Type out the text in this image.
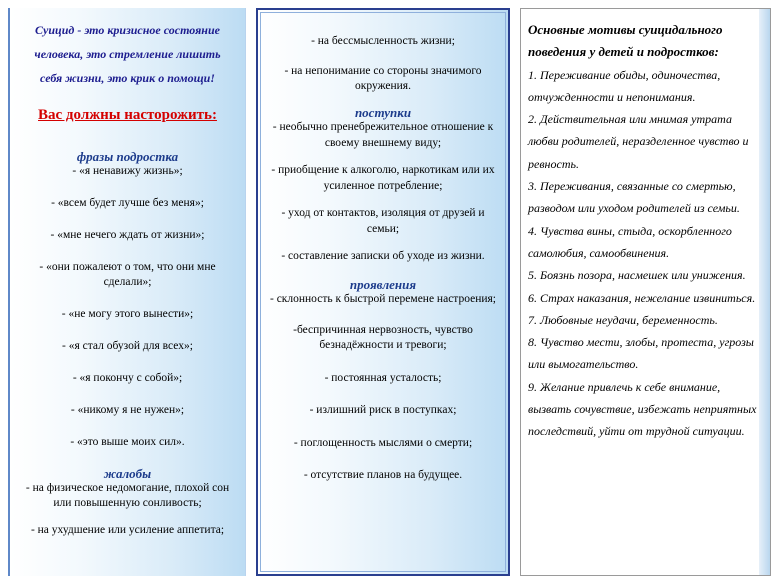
Суицид - это кризисное состояние человека, это стремление лишить себя жизни, это крик о помощи!

Вас должны насторожить:

фразы подростка

- «я ненавижу жизнь»;

- «всем будет лучше без меня»;

- «мне нечего ждать от жизни»;

- «они пожалеют о том, что они мне сделали»;

- «не могу этого вынести»;

- «я стал обузой для всех»;

- «я покончу с собой»;

- «никому я не нужен»;

- «это выше моих сил».

жалобы

- на физическое недомогание, плохой сон или повышенную сонливость;

- на ухудшение или усиление аппетита;

- на бессмысленность жизни;

- на непонимание со стороны значимого окружения.

поступки

- необычно пренебрежительное отношение к своему внешнему виду;

- приобщение к алкоголю, наркотикам или их усиленное потребление;

- уход от контактов, изоляция от друзей и семьи;

- составление записки об уходе из жизни.

проявления

- склонность к быстрой перемене настроения;

-беспричинная нервозность, чувство безнадёжности и тревоги;

- постоянная усталость;

- излишний риск в поступках;

- поглощенность мыслями о смерти;

- отсутствие планов на будущее.

Основные мотивы суицидального поведения у детей и подростков:

1. Переживание обиды, одиночества, отчужденности и непонимания.

2. Действительная или мнимая утрата любви родителей, неразделенное чувство и ревность.

3. Переживания, связанные со смертью, разводом или уходом родителей из семьи.

4. Чувства вины, стыда, оскорбленного самолюбия, самообвинения.

5. Боязнь позора, насмешек или унижения.

6. Страх наказания, нежелание извиниться.

7. Любовные неудачи, беременность.

8. Чувство мести, злобы, протеста, угрозы или вымогательство.

9. Желание привлечь к себе внимание, вызвать сочувствие, избежать неприятных последствий, уйти от трудной ситуации.
